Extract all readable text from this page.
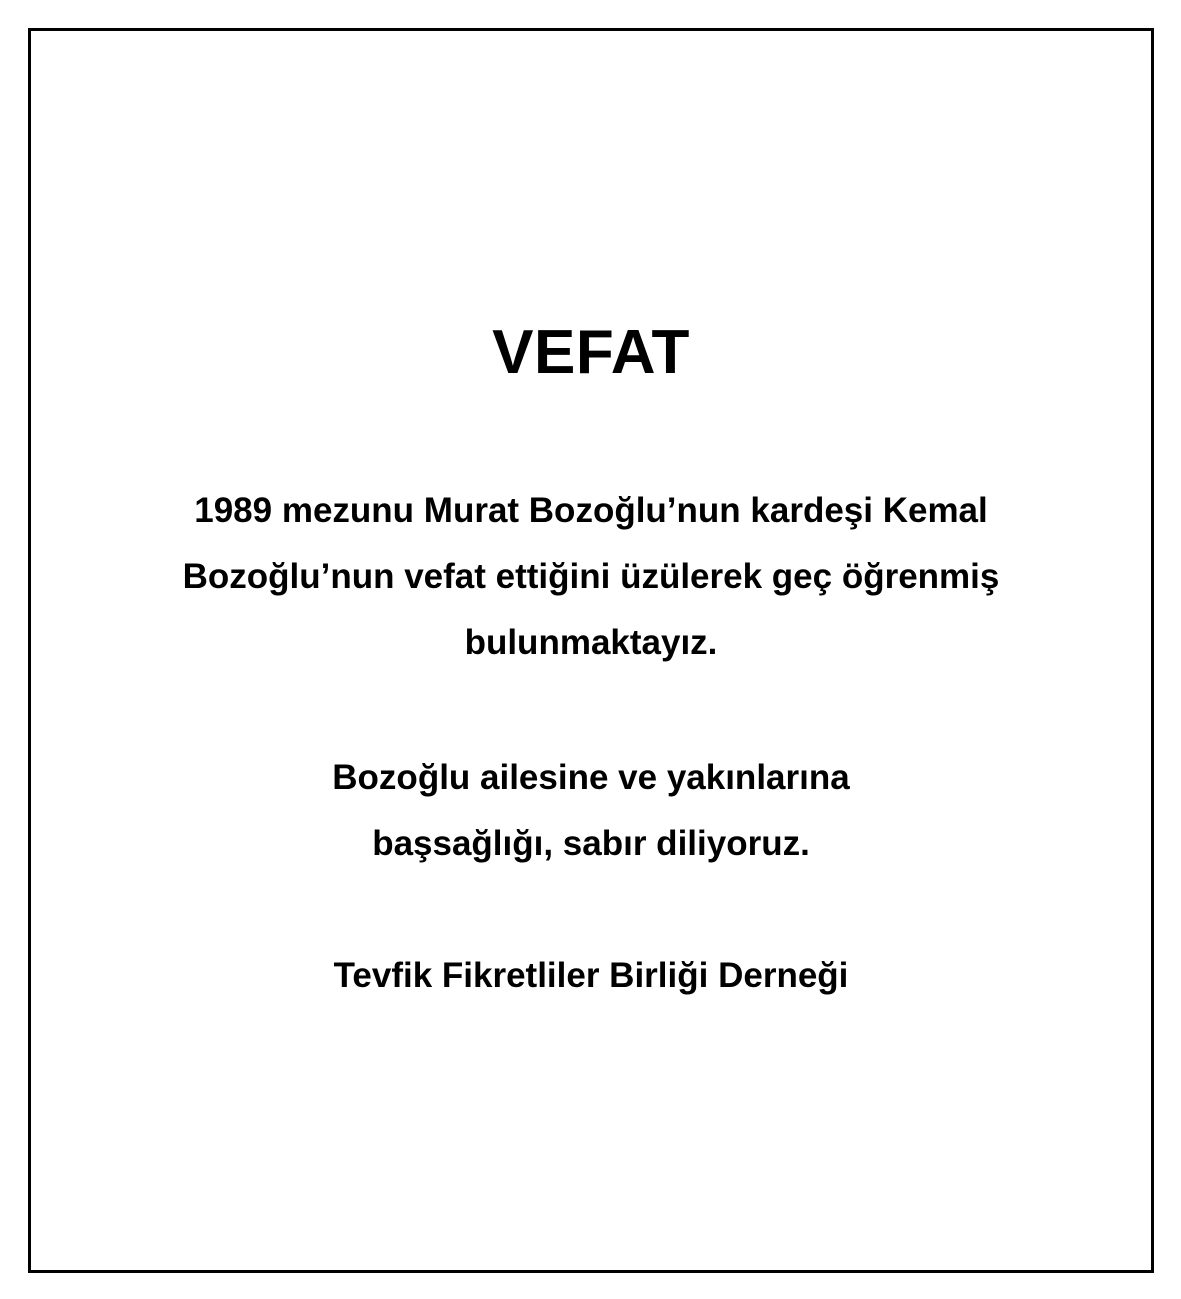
VEFAT
1989 mezunu Murat Bozoğlu’nun kardeşi Kemal
Bozoğlu’nun vefat ettiğini üzülerek geç öğrenmiş
bulunmaktayız.
Bozoğlu ailesine ve yakınlarına
başsağlığı, sabır diliyoruz.
Tevfik Fikretliler Birliği Derneği
